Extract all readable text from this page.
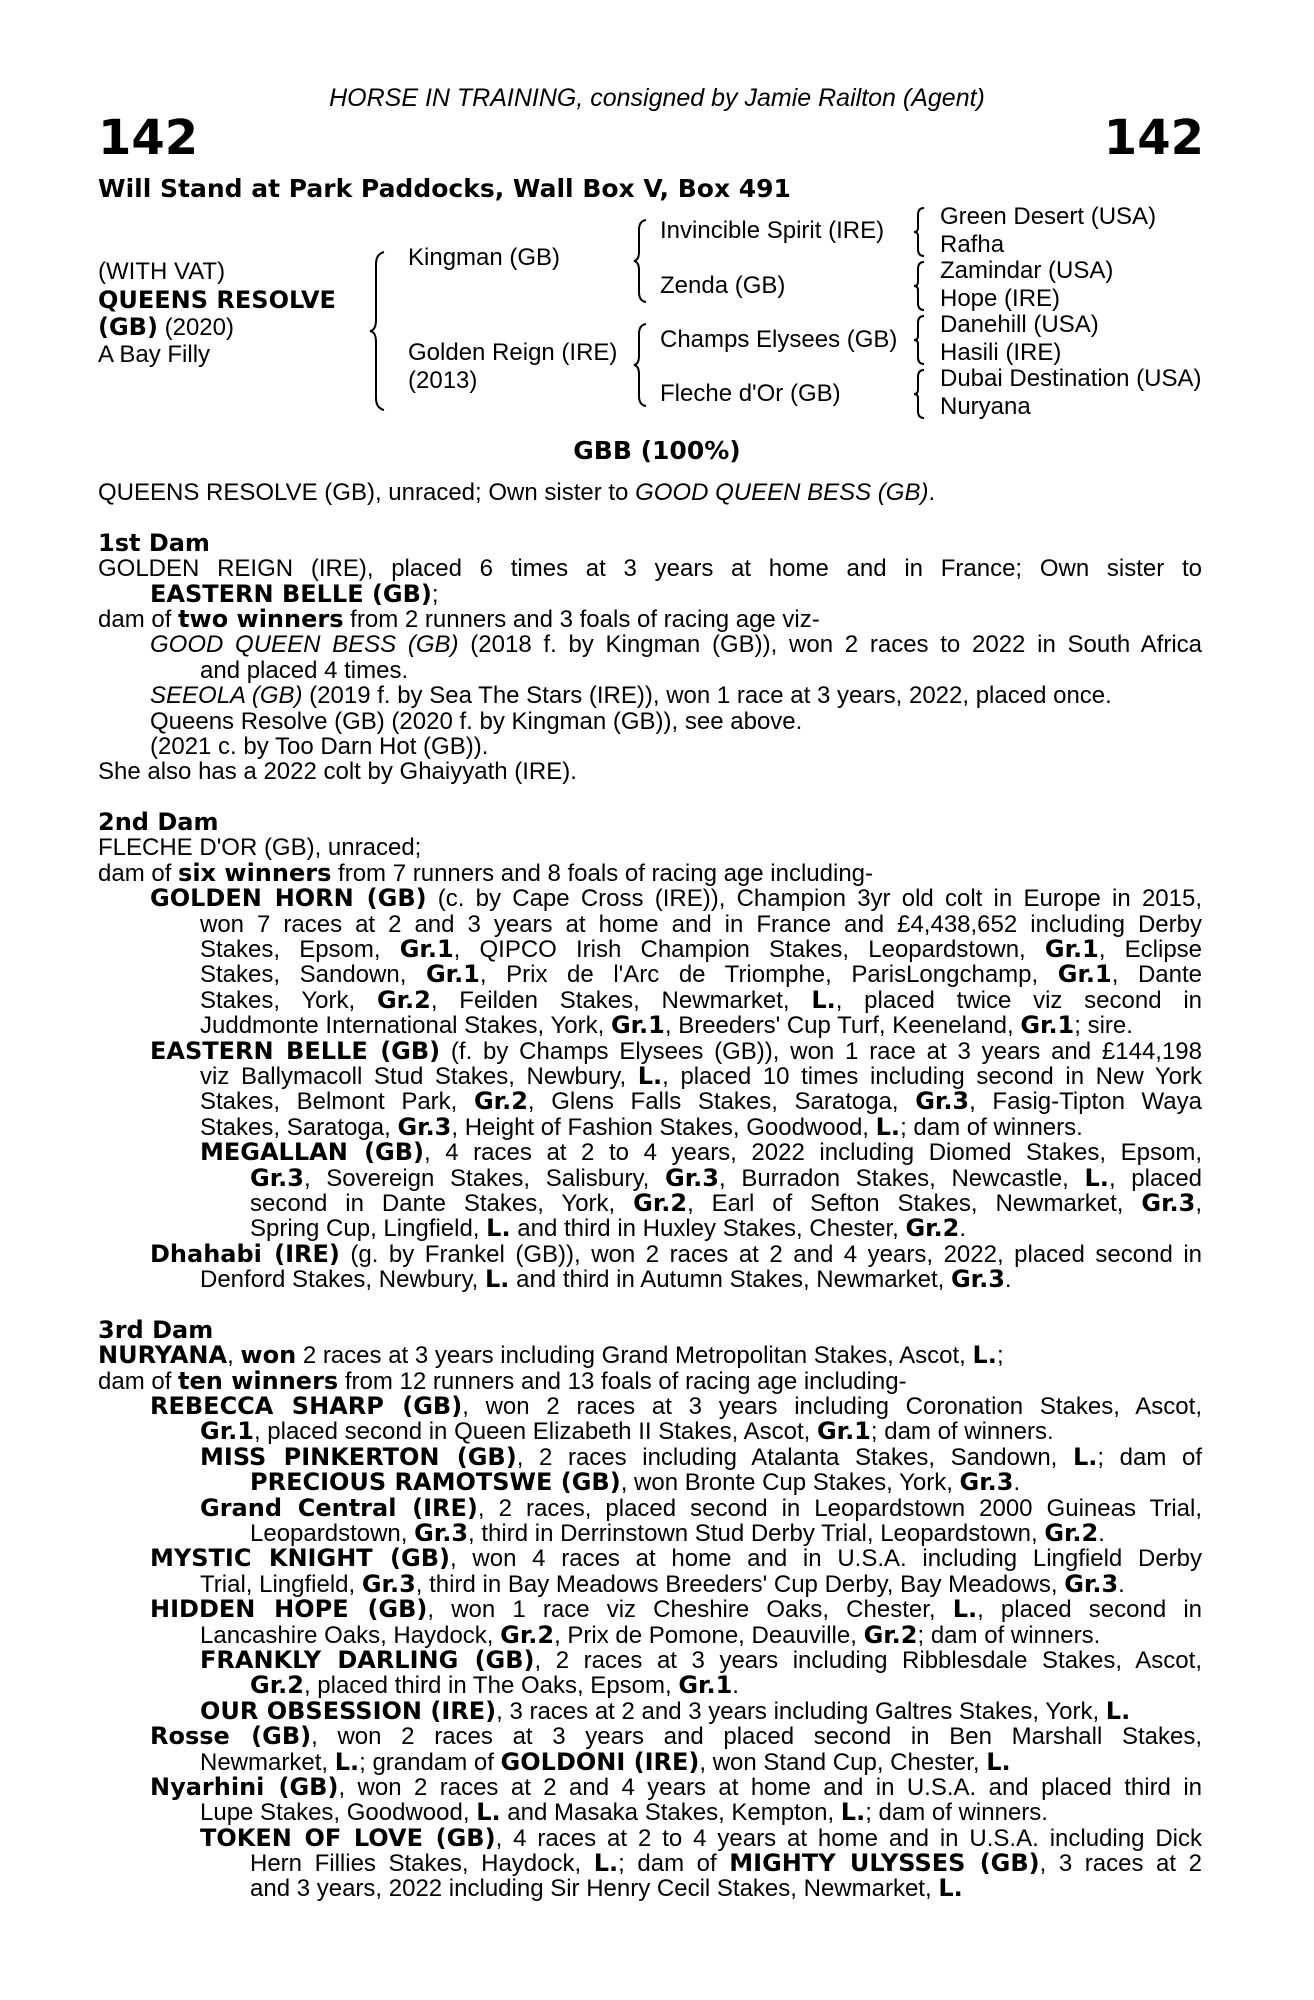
HORSE IN TRAINING, consigned by Jamie Railton (Agent)
142	142
Will Stand at Park Paddocks, Wall Box V, Box 491
(WITH VAT)
QUEENS RESOLVE
(GB) (2020)
A Bay Filly
Kingman (GB)
Golden Reign (IRE)
(2013)
Invincible Spirit (IRE)
Zenda (GB)
Champs Elysees (GB)
Fleche d'Or (GB)
Green Desert (USA)
Rafha
Zamindar (USA)
Hope (IRE)
Danehill (USA)
Hasili (IRE)
Dubai Destination (USA)
Nuryana
GBB (100%)
QUEENS RESOLVE (GB), unraced; Own sister to GOOD QUEEN BESS (GB).
1st Dam
GOLDEN REIGN (IRE), placed 6 times at 3 years at home and in France; Own sister to
EASTERN BELLE (GB);
dam of two winners from 2 runners and 3 foals of racing age viz-
GOOD QUEEN BESS (GB) (2018 f. by Kingman (GB)), won 2 races to 2022 in South Africa
and placed 4 times.
SEEOLA (GB) (2019 f. by Sea The Stars (IRE)), won 1 race at 3 years, 2022, placed once.
Queens Resolve (GB) (2020 f. by Kingman (GB)), see above.
(2021 c. by Too Darn Hot (GB)).
She also has a 2022 colt by Ghaiyyath (IRE).
2nd Dam
FLECHE D'OR (GB), unraced;
dam of six winners from 7 runners and 8 foals of racing age including-
GOLDEN HORN (GB) (c. by Cape Cross (IRE)), Champion 3yr old colt in Europe in 2015,
won 7 races at 2 and 3 years at home and in France and £4,438,652 including Derby
Stakes, Epsom, Gr.1, QIPCO Irish Champion Stakes, Leopardstown, Gr.1, Eclipse
Stakes, Sandown, Gr.1, Prix de l'Arc de Triomphe, ParisLongchamp, Gr.1, Dante
Stakes, York, Gr.2, Feilden Stakes, Newmarket, L., placed twice viz second in
Juddmonte International Stakes, York, Gr.1, Breeders' Cup Turf, Keeneland, Gr.1; sire.
EASTERN BELLE (GB) (f. by Champs Elysees (GB)), won 1 race at 3 years and £144,198
viz Ballymacoll Stud Stakes, Newbury, L., placed 10 times including second in New York
Stakes, Belmont Park, Gr.2, Glens Falls Stakes, Saratoga, Gr.3, Fasig-Tipton Waya
Stakes, Saratoga, Gr.3, Height of Fashion Stakes, Goodwood, L.; dam of winners.
MEGALLAN (GB), 4 races at 2 to 4 years, 2022 including Diomed Stakes, Epsom,
Gr.3, Sovereign Stakes, Salisbury, Gr.3, Burradon Stakes, Newcastle, L., placed
second in Dante Stakes, York, Gr.2, Earl of Sefton Stakes, Newmarket, Gr.3,
Spring Cup, Lingfield, L. and third in Huxley Stakes, Chester, Gr.2.
Dhahabi (IRE) (g. by Frankel (GB)), won 2 races at 2 and 4 years, 2022, placed second in
Denford Stakes, Newbury, L. and third in Autumn Stakes, Newmarket, Gr.3.
3rd Dam
NURYANA, won 2 races at 3 years including Grand Metropolitan Stakes, Ascot, L.;
dam of ten winners from 12 runners and 13 foals of racing age including-
REBECCA SHARP (GB), won 2 races at 3 years including Coronation Stakes, Ascot,
Gr.1, placed second in Queen Elizabeth II Stakes, Ascot, Gr.1; dam of winners.
MISS PINKERTON (GB), 2 races including Atalanta Stakes, Sandown, L.; dam of
PRECIOUS RAMOTSWE (GB), won Bronte Cup Stakes, York, Gr.3.
Grand Central (IRE), 2 races, placed second in Leopardstown 2000 Guineas Trial,
Leopardstown, Gr.3, third in Derrinstown Stud Derby Trial, Leopardstown, Gr.2.
MYSTIC KNIGHT (GB), won 4 races at home and in U.S.A. including Lingfield Derby
Trial, Lingfield, Gr.3, third in Bay Meadows Breeders' Cup Derby, Bay Meadows, Gr.3.
HIDDEN HOPE (GB), won 1 race viz Cheshire Oaks, Chester, L., placed second in
Lancashire Oaks, Haydock, Gr.2, Prix de Pomone, Deauville, Gr.2; dam of winners.
FRANKLY DARLING (GB), 2 races at 3 years including Ribblesdale Stakes, Ascot,
Gr.2, placed third in The Oaks, Epsom, Gr.1.
OUR OBSESSION (IRE), 3 races at 2 and 3 years including Galtres Stakes, York, L.
Rosse (GB), won 2 races at 3 years and placed second in Ben Marshall Stakes,
Newmarket, L.; grandam of GOLDONI (IRE), won Stand Cup, Chester, L.
Nyarhini (GB), won 2 races at 2 and 4 years at home and in U.S.A. and placed third in
Lupe Stakes, Goodwood, L. and Masaka Stakes, Kempton, L.; dam of winners.
TOKEN OF LOVE (GB), 4 races at 2 to 4 years at home and in U.S.A. including Dick
Hern Fillies Stakes, Haydock, L.; dam of MIGHTY ULYSSES (GB), 3 races at 2
and 3 years, 2022 including Sir Henry Cecil Stakes, Newmarket, L.
